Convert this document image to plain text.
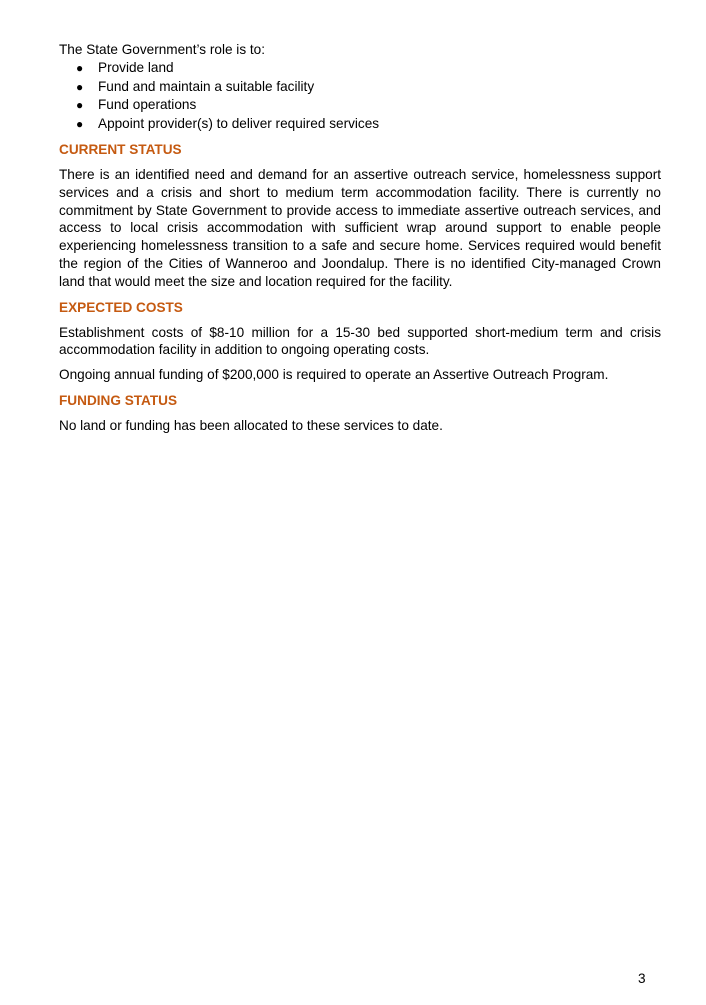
The State Government’s role is to:

● Provide land
● Fund and maintain a suitable facility
● Fund operations
● Appoint provider(s) to deliver required services
CURRENT STATUS

There is an identified need and demand for an assertive outreach service, homelessness support services and a crisis and short to medium term accommodation facility. There is currently no commitment by State Government to provide access to immediate assertive outreach services, and access to local crisis accommodation with sufficient wrap around support to enable people experiencing homelessness transition to a safe and secure home. Services required would benefit the region of the Cities of Wanneroo and Joondalup. There is no identified City-managed Crown land that would meet the size and location required for the facility.

EXPECTED COSTS

Establishment costs of $8-10 million for a 15-30 bed supported short-medium term and crisis accommodation facility in addition to ongoing operating costs.

Ongoing annual funding of $200,000 is required to operate an Assertive Outreach Program.

FUNDING STATUS

No land or funding has been allocated to these services to date.

3
